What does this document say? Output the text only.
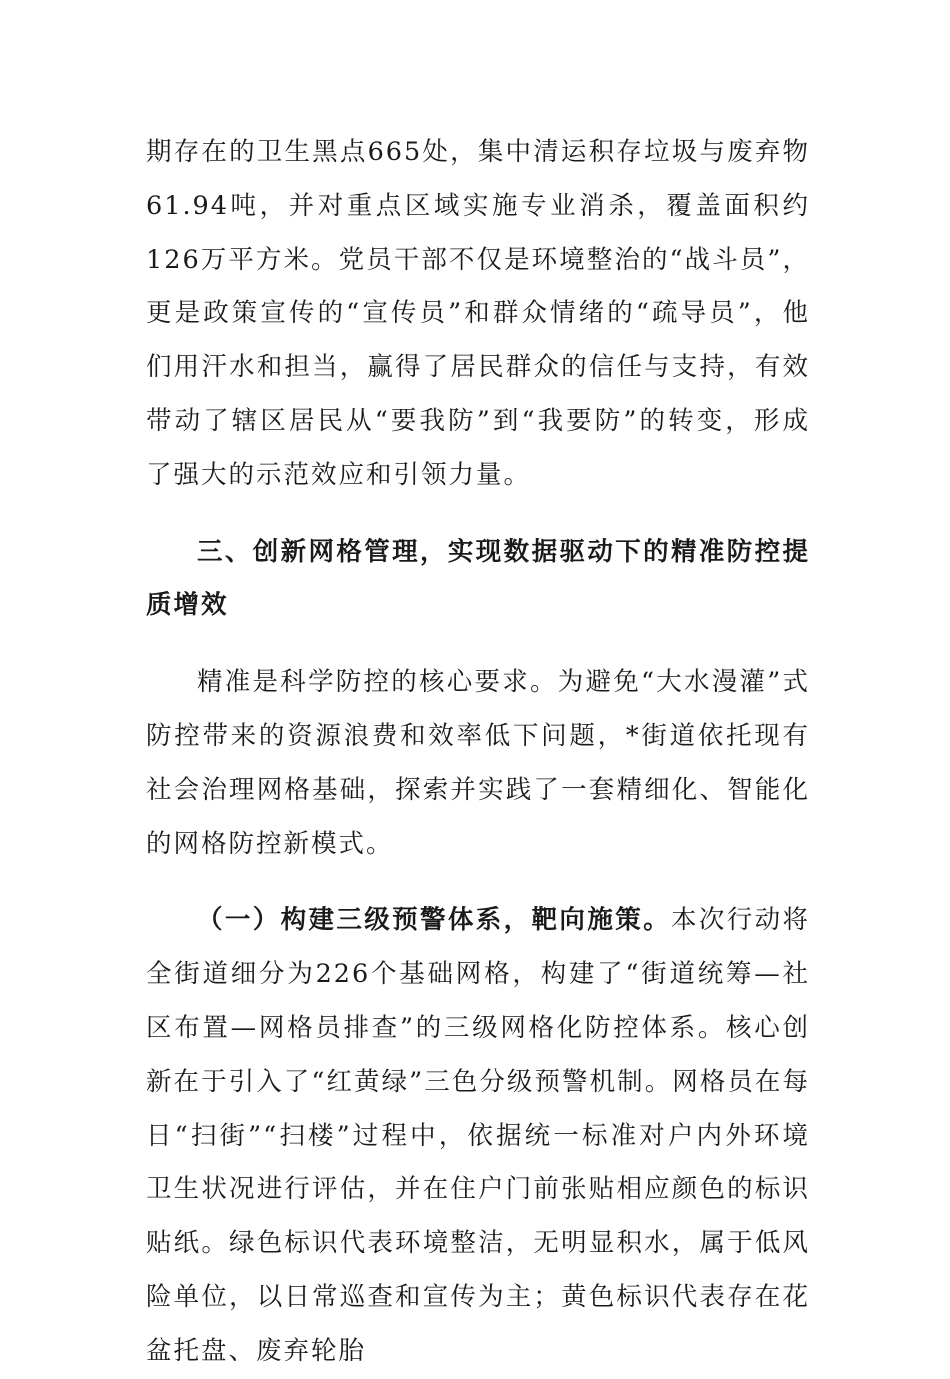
期存在的卫生黑点665处，集中清运积存垃圾与废弃物61.94吨，并对重点区域实施专业消杀，覆盖面积约126万平方米。党员干部不仅是环境整治的“战斗员”，更是政策宣传的“宣传员”和群众情绪的“疏导员”，他们用汗水和担当，赢得了居民群众的信任与支持，有效带动了辖区居民从“要我防”到“我要防”的转变，形成了强大的示范效应和引领力量。

三、创新网格管理，实现数据驱动下的精准防控提质增效

精准是科学防控的核心要求。为避免“大水漫灌”式防控带来的资源浪费和效率低下问题，*街道依托现有社会治理网格基础，探索并实践了一套精细化、智能化的网格防控新模式。

（一）构建三级预警体系，靶向施策。本次行动将全街道细分为226个基础网格，构建了“街道统筹—社区布置—网格员排查”的三级网格化防控体系。核心创新在于引入了“红黄绿”三色分级预警机制。网格员在每日“扫街”“扫楼”过程中，依据统一标准对户内外环境卫生状况进行评估，并在住户门前张贴相应颜色的标识贴纸。绿色标识代表环境整洁，无明显积水，属于低风险单位，以日常巡查和宣传为主；黄色标识代表存在花盆托盘、废弃轮胎
